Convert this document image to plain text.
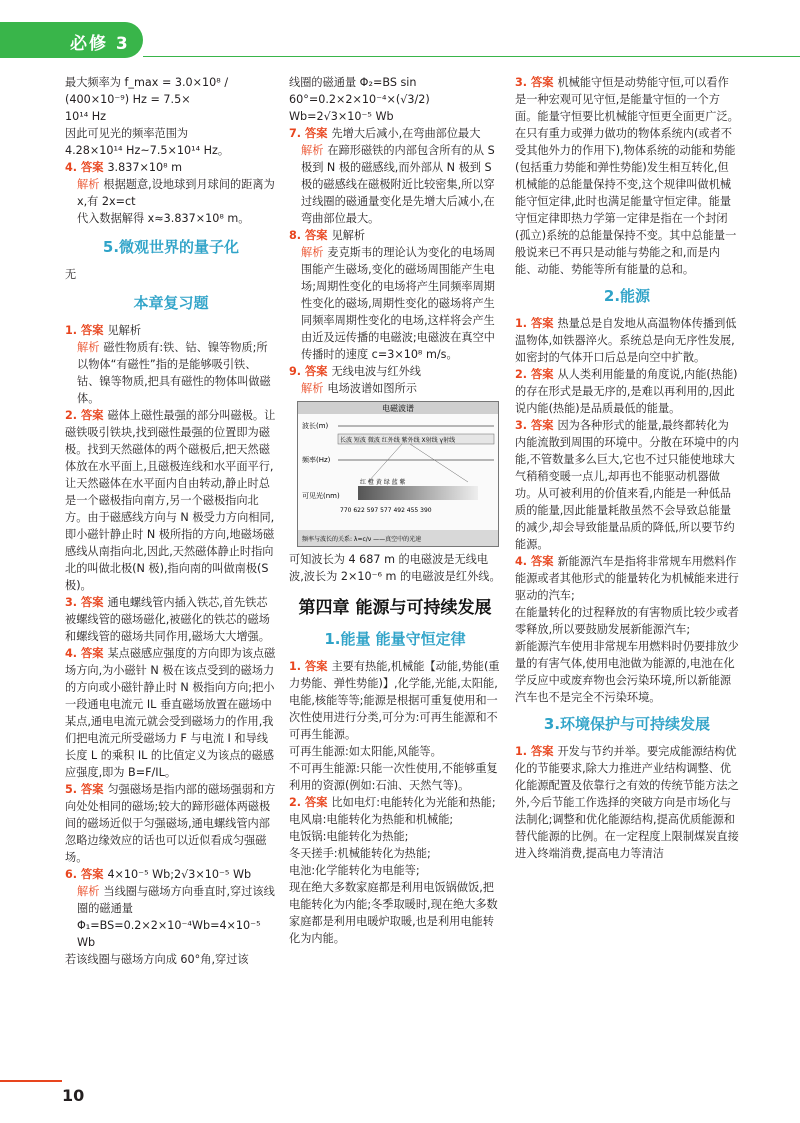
必修 3

最大频率为 f_max = 3.0×10⁸ / (400×10⁻⁹) Hz = 7.5×

10¹⁴ Hz

因此可见光的频率范围为

4.28×10¹⁴ Hz~7.5×10¹⁴ Hz。

4. 答案 3.837×10⁸ m

解析 根据题意,设地球到月球间的距离为 x,有 2x=ct

代入数据解得 x≈3.837×10⁸ m。

5.微观世界的量子化

无

本章复习题

1. 答案 见解析

解析 磁性物质有:铁、钴、镍等物质;所以物体“有磁性”指的是能够吸引铁、钴、镍等物质,把具有磁性的物体叫做磁体。

2. 答案 磁体上磁性最强的部分叫磁极。让磁铁吸引铁块,找到磁性最强的位置即为磁极。找到天然磁体的两个磁极后,把天然磁体放在水平面上,且磁极连线和水平面平行,让天然磁体在水平面内自由转动,静止时总是一个磁极指向南方,另一个磁极指向北方。由于磁感线方向与 N 极受力方向相同,即小磁针静止时 N 极所指的方向,地磁场磁感线从南指向北,因此,天然磁体静止时指向北的叫做北极(N 极),指向南的叫做南极(S 极)。

3. 答案 通电螺线管内插入铁芯,首先铁芯被螺线管的磁场磁化,被磁化的铁芯的磁场和螺线管的磁场共同作用,磁场大大增强。

4. 答案 某点磁感应强度的方向即为该点磁场方向,为小磁针 N 极在该点受到的磁场力的方向或小磁针静止时 N 极指向方向;把小一段通电电流元 IL 垂直磁场放置在磁场中某点,通电电流元就会受到磁场力的作用,我们把电流元所受磁场力 F 与电流 I 和导线长度 L 的乘积 IL 的比值定义为该点的磁感应强度,即为 B=F/IL。

5. 答案 匀强磁场是指内部的磁场强弱和方向处处相同的磁场;较大的蹄形磁体两磁极间的磁场近似于匀强磁场,通电螺线管内部忽略边缘效应的话也可以近似看成匀强磁场。

6. 答案 4×10⁻⁵ Wb;2√3×10⁻⁵ Wb

解析 当线圈与磁场方向垂直时,穿过该线圈的磁通量 Φ₁=BS=0.2×2×10⁻⁴Wb=4×10⁻⁵ Wb

若该线圈与磁场方向成 60°角,穿过该

线圈的磁通量 Φ₂=BS sin 60°=0.2×2×10⁻⁴×(√3/2) Wb=2√3×10⁻⁵ Wb

7. 答案 先增大后减小,在弯曲部位最大

解析 在蹄形磁铁的内部包含所有的从 S 极到 N 极的磁感线,而外部从 N 极到 S 极的磁感线在磁极附近比较密集,所以穿过线圈的磁通量变化是先增大后减小,在弯曲部位最大。

8. 答案 见解析

解析 麦克斯韦的理论认为变化的电场周围能产生磁场,变化的磁场周围能产生电场;周期性变化的电场将产生同频率周期性变化的磁场,周期性变化的磁场将产生同频率周期性变化的电场,这样将会产生由近及远传播的电磁波;电磁波在真空中传播时的速度 c=3×10⁸ m/s。

9. 答案 无线电波与红外线

解析 电场波谱如图所示

电磁波谱
波长(m)
长波 短波 微波 红外线 紫外线 X射线 γ射线
频率(Hz)
可见光(nm)
红 橙 黄 绿 蓝 紫
770 622 597 577 492 455 390
频率与波长的关系: λ=c/ν ——真空中的光速

可知波长为 4 687 m 的电磁波是无线电波,波长为 2×10⁻⁶ m 的电磁波是红外线。

第四章 能源与可持续发展
1.能量 能量守恒定律

1. 答案 主要有热能,机械能【动能,势能(重力势能、弹性势能)】,化学能,光能,太阳能,电能,核能等等;能源是根据可重复使用和一次性使用进行分类,可分为:可再生能源和不可再生能源。

可再生能源:如太阳能,风能等。

不可再生能源:只能一次性使用,不能够重复利用的资源(例如:石油、天然气等)。

2. 答案 比如电灯:电能转化为光能和热能;

电风扇:电能转化为热能和机械能;

电饭锅:电能转化为热能;

冬天搓手:机械能转化为热能;

电池:化学能转化为电能等;

现在绝大多数家庭都是利用电饭锅做饭,把电能转化为内能;冬季取暖时,现在绝大多数家庭都是利用电暖炉取暖,也是利用电能转化为内能。

3. 答案 机械能守恒是动势能守恒,可以看作是一种宏观可见守恒,是能量守恒的一个方面。能量守恒要比机械能守恒更全面更广泛。在只有重力或弹力做功的物体系统内(或者不受其他外力的作用下),物体系统的动能和势能(包括重力势能和弹性势能)发生相互转化,但机械能的总能量保持不变,这个规律叫做机械能守恒定律,此时也满足能量守恒定律。能量守恒定律即热力学第一定律是指在一个封闭(孤立)系统的总能量保持不变。其中总能量一般说来已不再只是动能与势能之和,而是内能、动能、势能等所有能量的总和。

2.能源

1. 答案 热量总是自发地从高温物体传播到低温物体,如铁器淬火。系统总是向无序性发展,如密封的气体开口后总是向空中扩散。

2. 答案 从人类利用能量的角度说,内能(热能)的存在形式是最无序的,是难以再利用的,因此说内能(热能)是品质最低的能量。

3. 答案 因为各种形式的能量,最终都转化为内能流散到周围的环境中。分散在环境中的内能,不管数量多么巨大,它也不过只能使地球大气稍稍变暖一点儿,却再也不能驱动机器做功。从可被利用的价值来看,内能是一种低品质的能量,因此能量耗散虽然不会导致总能量的减少,却会导致能量品质的降低,所以要节约能源。

4. 答案 新能源汽车是指将非常规车用燃料作能源或者其他形式的能量转化为机械能来进行驱动的汽车;

在能量转化的过程释放的有害物质比较少或者零释放,所以要鼓励发展新能源汽车;

新能源汽车使用非常规车用燃料时仍要排放少量的有害气体,使用电池做为能源的,电池在化学反应中或废弃物也会污染环境,所以新能源汽车也不是完全不污染环境。

3.环境保护与可持续发展

1. 答案 开发与节约并举。要完成能源结构优化的节能要求,除大力推进产业结构调整、优化能源配置及依靠行之有效的传统节能方法之外,今后节能工作选择的突破方向是市场化与法制化;调整和优化能源结构,提高优质能源和替代能源的比例。在一定程度上限制煤炭直接进入终端消费,提高电力等清洁

10
